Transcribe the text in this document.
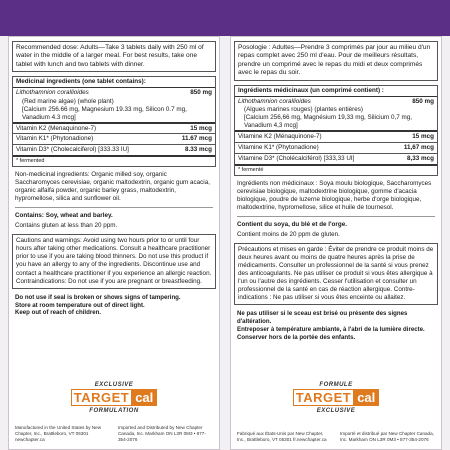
Recommended dose: Adults—Take 3 tablets daily with 250 ml of water in the middle of a larger meal. For best results, take one tablet with lunch and two tablets with dinner.
Medicinal ingredients (one tablet contains):
Lithothamnion corallioides	850 mg
(Red marine algae) (whole plant)
[Calcium 256.66 mg, Magnesium 19.33 mg, Silicon 0.7 mg, Vanadium 4.3 mcg]
Vitamin K2 (Menaquinone-7)	15 mcg
Vitamin K1* (Phytonadione)	11.67 mcg
Vitamin D3* (Cholecalciferol) [333.33 IU]	8.33 mcg
* fermented
Non-medicinal ingredients: Organic milled soy, organic Saccharomyces cerevisiae, organic maltodextrin, organic gum acacia, organic alfalfa powder, organic barley grass, maltodextrin, hypromellose, silica and sunflower oil.
Contains: Soy, wheat and barley.
Contains gluten at less than 20 ppm.
Cautions and warnings: Avoid using two hours prior to or until four hours after taking other medications. Consult a healthcare practitioner prior to use if you are taking blood thinners. Do not use this product if you have an allergy to any of the ingredients. Discontinue use and contact a healthcare practitioner if you experience an allergic reaction. Contraindications: Do not use if you are pregnant or breastfeeding.
Do not use if seal is broken or shows signs of tampering.
Store at room temperature out of direct light.
Keep out of reach of children.
EXCLUSIVE
TARGET cal
FORMULATION
Manufactured in the United States by New Chapter, Inc., Brattleboro, VT 05301 newchapter.ca
Imported and Distributed by New Chapter Canada, Inc. Markham ON L3R 0M3 • 877-354-2076
Posologie : Adultes—Prendre 3 comprimés par jour au milieu d'un repas complet avec 250 ml d'eau. Pour de meilleurs résultats, prendre un comprimé avec le repas du midi et deux comprimés avec le repas du soir.
Ingrédients médicinaux (un comprimé contient) :
Lithothamnion corallioides	850 mg
(Algues marines rouges) (plantes entières)
[Calcium 256,66 mg, Magnésium 19,33 mg, Silicium 0,7 mg, Vanadium 4,3 mcg]
Vitamine K2 (Ménaquinone-7)	15 mcg
Vitamine K1* (Phytonadione)	11,67 mcg
Vitamine D3* (Cholécalciférol) [333,33 UI]	8,33 mcg
* fermenté
Ingrédients non médicinaux : Soya moulu biologique, Saccharomyces cerevisiae biologique, maltodextrine biologique, gomme d'acacia biologique, poudre de luzerne biologique, herbe d'orge biologique, maltodextrine, hypromellose, silice et huile de tournesol.
Contient du soya, du blé et de l'orge.
Contient moins de 20 ppm de gluten.
Précautions et mises en garde : Éviter de prendre ce produit moins de deux heures avant ou moins de quatre heures après la prise de médicaments. Consulter un professionnel de la santé si vous prenez des anticoagulants. Ne pas utiliser ce produit si vous êtes allergique à l'un ou l'autre des ingrédients. Cesser l'utilisation et consulter un professionnel de la santé en cas de réaction allergique. Contre-indications : Ne pas utiliser si vous êtes enceinte ou allaitez.
Ne pas utiliser si le sceau est brisé ou présente des signes d'altération.
Entreposer à température ambiante, à l'abri de la lumière directe.
Conserver hors de la portée des enfants.
FORMULE
TARGET cal
EXCLUSIVE
Fabriqué aux États-Unis par New Chapter, Inc., Brattleboro, VT 05301 fr.newchapter.ca
Importé et distribué par New Chapter Canada, Inc. Markham ON L3R 0M3 • 877-354-2076
